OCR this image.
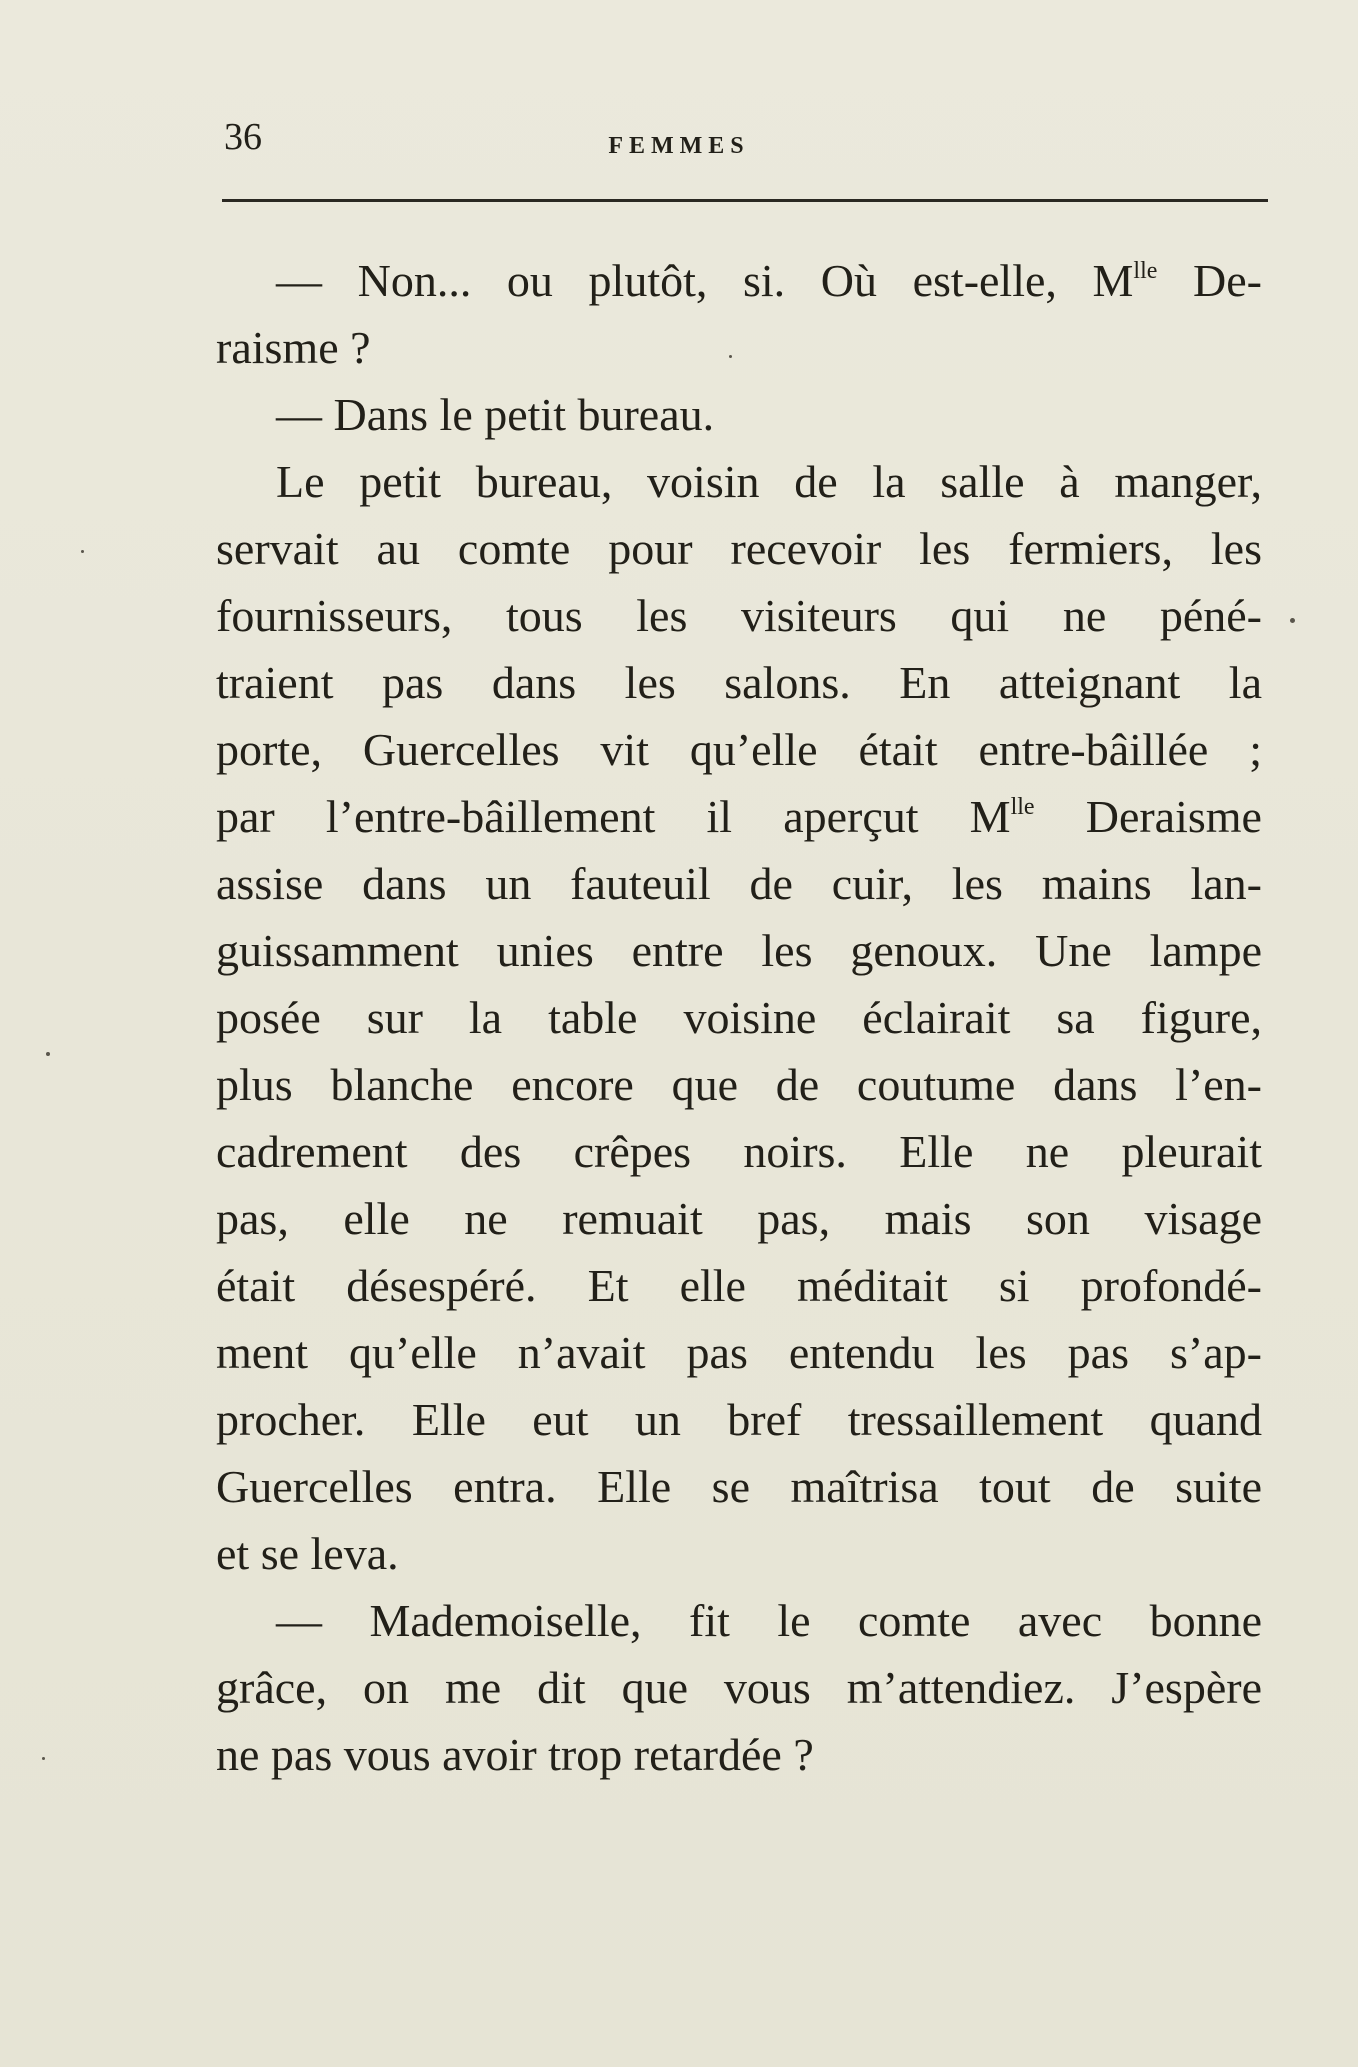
36	FEMMES
— Non... ou plutôt, si. Où est-elle, $M^{lle}$ De-
raisme ?
— Dans le petit bureau.
Le petit bureau, voisin de la salle à manger,
servait au comte pour recevoir les fermiers, les
fournisseurs, tous les visiteurs qui ne péné-
traient pas dans les salons. En atteignant la
porte, Guercelles vit qu’elle était entre-bâillée ;
par l’entre-bâillement il aperçut $M^{lle}$ Deraisme
assise dans un fauteuil de cuir, les mains lan-
guissamment unies entre les genoux. Une lampe
posée sur la table voisine éclairait sa figure,
plus blanche encore que de coutume dans l’en-
cadrement des crêpes noirs. Elle ne pleurait
pas, elle ne remuait pas, mais son visage
était désespéré. Et elle méditait si profondé-
ment qu’elle n’avait pas entendu les pas s’ap-
procher. Elle eut un bref tressaillement quand
Guercelles entra. Elle se maîtrisa tout de suite
et se leva.
— Mademoiselle, fit le comte avec bonne
grâce, on me dit que vous m’attendiez. J’espère
ne pas vous avoir trop retardée ?
